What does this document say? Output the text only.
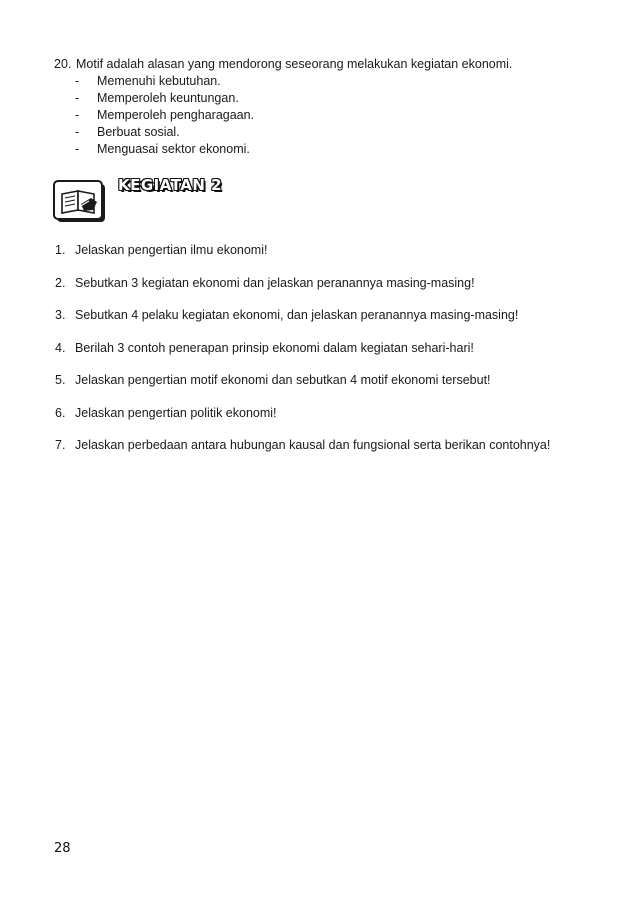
20. Motif adalah alasan yang mendorong seseorang melakukan kegiatan ekonomi.
-	Memenuhi kebutuhan.
-	Memperoleh keuntungan.
-	Memperoleh pengharagaan.
-	Berbuat sosial.
-	Menguasai sektor ekonomi.
KEGIATAN 2
1. Jelaskan pengertian ilmu ekonomi!
2. Sebutkan 3 kegiatan ekonomi dan jelaskan peranannya masing-masing!
3. Sebutkan 4 pelaku kegiatan ekonomi, dan jelaskan peranannya masing-masing!
4. Berilah 3 contoh penerapan prinsip ekonomi dalam kegiatan sehari-hari!
5. Jelaskan pengertian motif ekonomi dan sebutkan 4 motif ekonomi tersebut!
6. Jelaskan pengertian politik ekonomi!
7. Jelaskan perbedaan antara hubungan kausal dan fungsional serta berikan contohnya!
28
